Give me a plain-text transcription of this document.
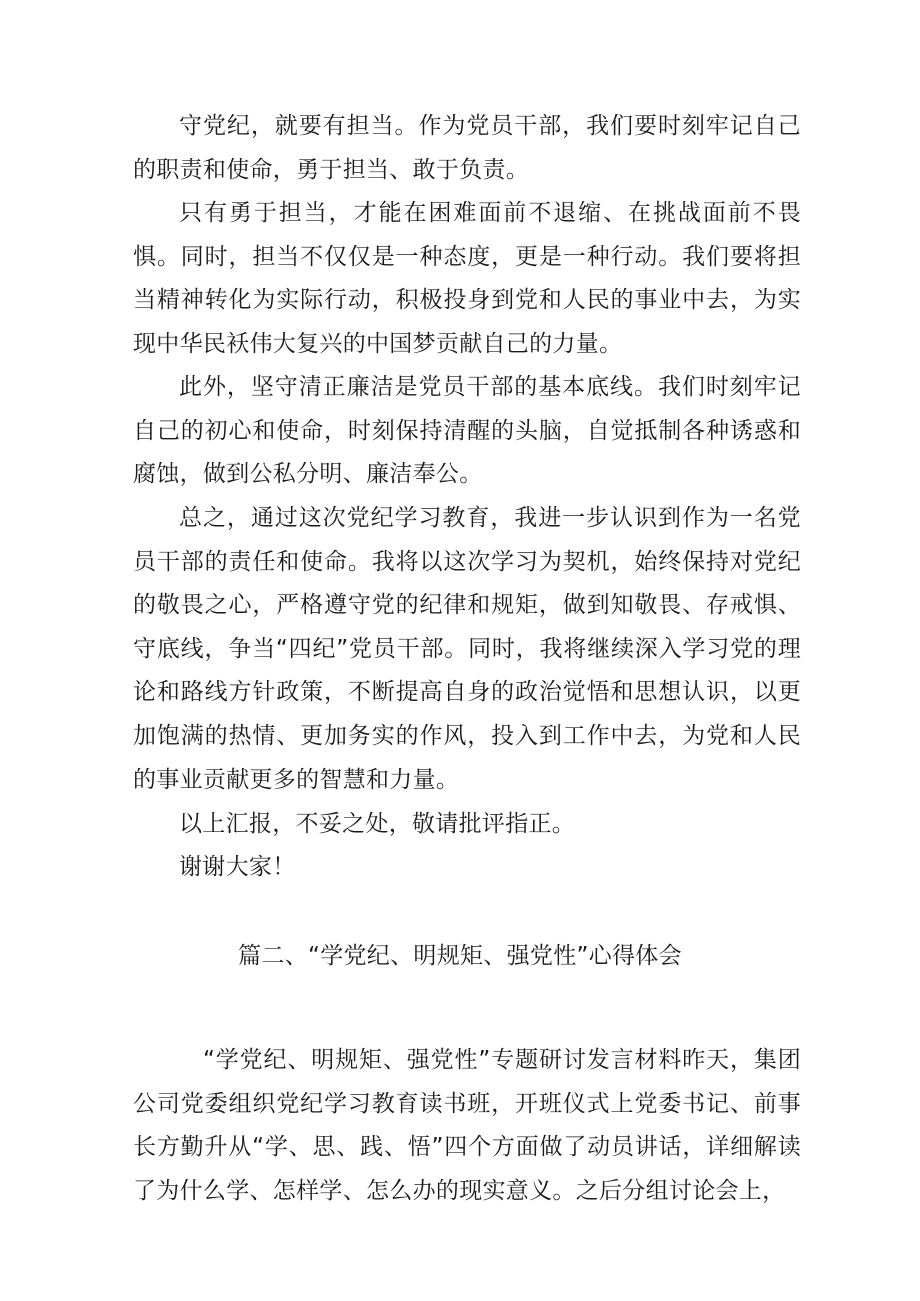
守党纪，就要有担当。作为党员干部，我们要时刻牢记自己的职责和使命，勇于担当、敢于负责。

只有勇于担当，才能在困难面前不退缩、在挑战面前不畏惧。同时，担当不仅仅是一种态度，更是一种行动。我们要将担当精神转化为实际行动，积极投身到党和人民的事业中去，为实现中华民袄伟大复兴的中国梦贡献自己的力量。

此外，坚守清正廉洁是党员干部的基本底线。我们时刻牢记自己的初心和使命，时刻保持清醒的头脑，自觉抵制各种诱惑和腐蚀，做到公私分明、廉洁奉公。

总之，通过这次党纪学习教育，我进一步认识到作为一名党员干部的责任和使命。我将以这次学习为契机，始终保持对党纪的敬畏之心，严格遵守党的纪律和规矩，做到知敬畏、存戒惧、守底线，争当“四纪”党员干部。同时，我将继续深入学习党的理论和路线方针政策，不断提高自身的政治觉悟和思想认识，以更加饱满的热情、更加务实的作风，投入到工作中去，为党和人民的事业贡献更多的智慧和力量。

以上汇报，不妥之处，敬请批评指正。

谢谢大家！

篇二、“学党纪、明规矩、强党性”心得体会

“学党纪、明规矩、强党性”专题研讨发言材料昨天，集团公司党委组织党纪学习教育读书班，开班仪式上党委书记、前事长方勤升从“学、思、践、悟”四个方面做了动员讲话，详细解读了为什么学、怎样学、怎么办的现实意义。之后分组讨论会上，
